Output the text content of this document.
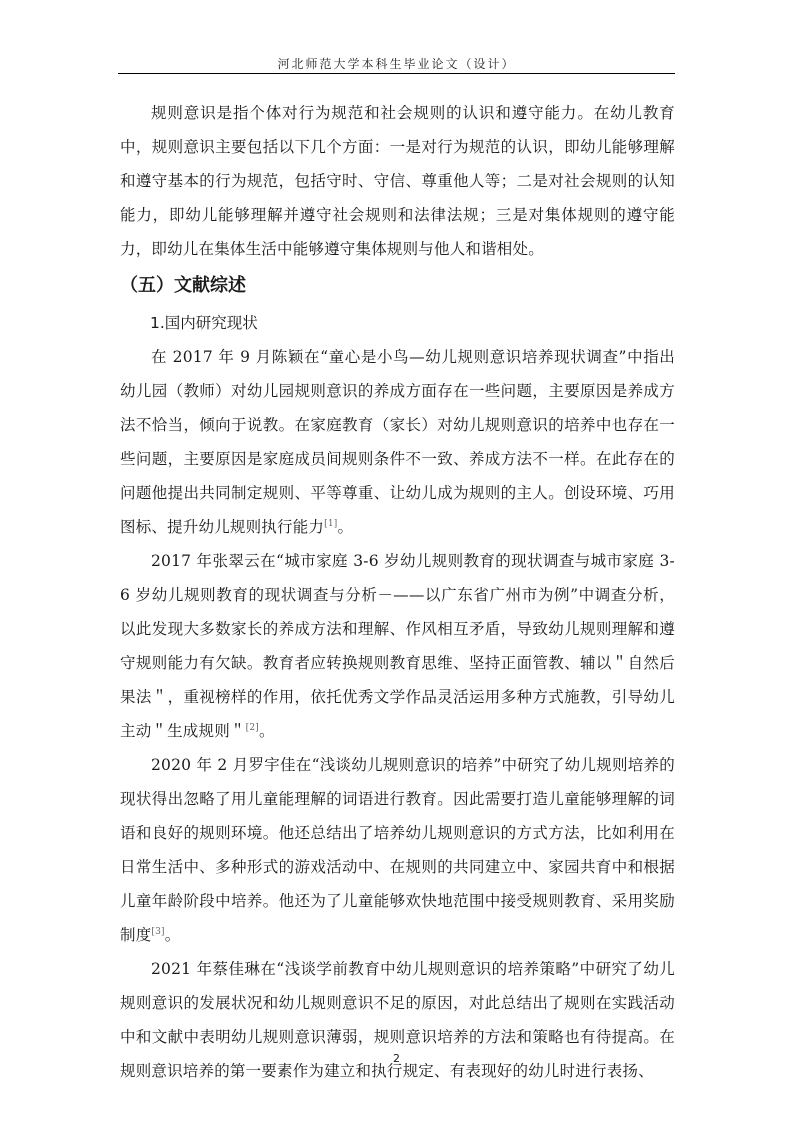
河北师范大学本科生毕业论文（设计）

规则意识是指个体对行为规范和社会规则的认识和遵守能力。在幼儿教育中，规则意识主要包括以下几个方面：一是对行为规范的认识，即幼儿能够理解和遵守基本的行为规范，包括守时、守信、尊重他人等；二是对社会规则的认知能力，即幼儿能够理解并遵守社会规则和法律法规；三是对集体规则的遵守能力，即幼儿在集体生活中能够遵守集体规则与他人和谐相处。

（五）文献综述
1.国内研究现状

在 2017 年 9 月陈颖在“童心是小鸟—幼儿规则意识培养现状调查”中指出幼儿园（教师）对幼儿园规则意识的养成方面存在一些问题，主要原因是养成方法不恰当，倾向于说教。在家庭教育（家长）对幼儿规则意识的培养中也存在一些问题，主要原因是家庭成员间规则条件不一致、养成方法不一样。在此存在的问题他提出共同制定规则、平等尊重、让幼儿成为规则的主人。创设环境、巧用图标、提升幼儿规则执行能力[1]。

2017 年张翠云在“城市家庭 3-6 岁幼儿规则教育的现状调查与城市家庭 3-6 岁幼儿规则教育的现状调查与分析－——以广东省广州市为例”中调查分析，以此发现大多数家长的养成方法和理解、作风相互矛盾，导致幼儿规则理解和遵守规则能力有欠缺。教育者应转换规则教育思维、坚持正面管教、辅以＂自然后果法＂，重视榜样的作用，依托优秀文学作品灵活运用多种方式施教，引导幼儿主动＂生成规则＂[2]。

2020 年 2 月罗宇佳在“浅谈幼儿规则意识的培养”中研究了幼儿规则培养的现状得出忽略了用儿童能理解的词语进行教育。因此需要打造儿童能够理解的词语和良好的规则环境。他还总结出了培养幼儿规则意识的方式方法，比如利用在日常生活中、多种形式的游戏活动中、在规则的共同建立中、家园共育中和根据儿童年龄阶段中培养。他还为了儿童能够欢快地范围中接受规则教育、采用奖励制度[3]。

2021 年蔡佳琳在“浅谈学前教育中幼儿规则意识的培养策略”中研究了幼儿规则意识的发展状况和幼儿规则意识不足的原因，对此总结出了规则在实践活动中和文献中表明幼儿规则意识薄弱，规则意识培养的方法和策略也有待提高。在规则意识培养的第一要素作为建立和执行规定、有表现好的幼儿时进行表扬、

2
